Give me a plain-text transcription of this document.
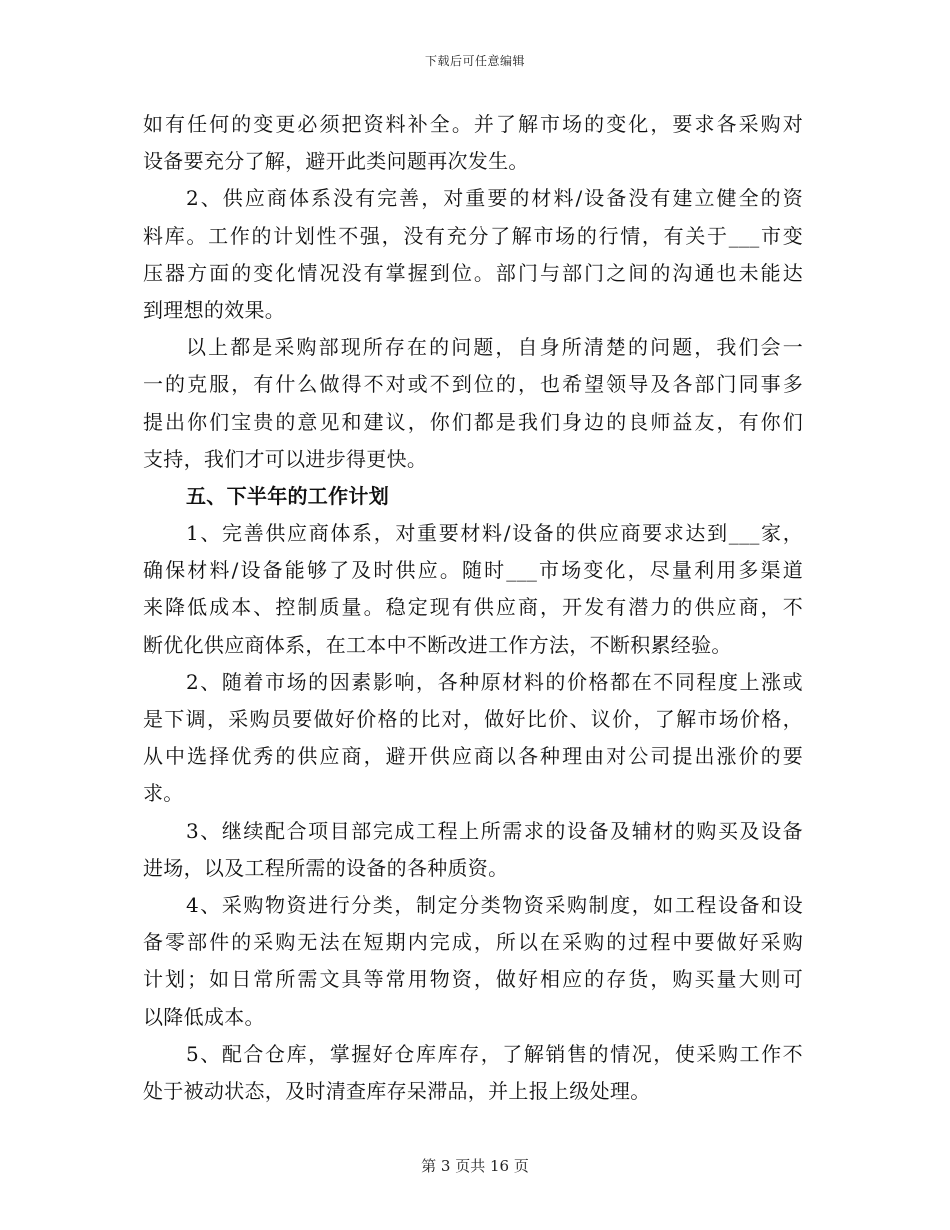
下载后可任意编辑
如有任何的变更必须把资料补全。并了解市场的变化，要求各采购对
设备要充分了解，避开此类问题再次发生。
2、供应商体系没有完善，对重要的材料/设备没有建立健全的资
料库。工作的计划性不强，没有充分了解市场的行情，有关于___市变
压器方面的变化情况没有掌握到位。部门与部门之间的沟通也未能达
到理想的效果。
以上都是采购部现所存在的问题，自身所清楚的问题，我们会一
一的克服，有什么做得不对或不到位的，也希望领导及各部门同事多
提出你们宝贵的意见和建议，你们都是我们身边的良师益友，有你们
支持，我们才可以进步得更快。
五、下半年的工作计划
1、完善供应商体系，对重要材料/设备的供应商要求达到___家，
确保材料/设备能够了及时供应。随时___市场变化，尽量利用多渠道
来降低成本、控制质量。稳定现有供应商，开发有潜力的供应商，不
断优化供应商体系，在工本中不断改进工作方法，不断积累经验。
2、随着市场的因素影响，各种原材料的价格都在不同程度上涨或
是下调，采购员要做好价格的比对，做好比价、议价，了解市场价格，
从中选择优秀的供应商，避开供应商以各种理由对公司提出涨价的要
求。
3、继续配合项目部完成工程上所需求的设备及辅材的购买及设备
进场，以及工程所需的设备的各种质资。
4、采购物资进行分类，制定分类物资采购制度，如工程设备和设
备零部件的采购无法在短期内完成，所以在采购的过程中要做好采购
计划；如日常所需文具等常用物资，做好相应的存货，购买量大则可
以降低成本。
5、配合仓库，掌握好仓库库存，了解销售的情况，使采购工作不
处于被动状态，及时清查库存呆滞品，并上报上级处理。
第 3 页共 16 页
